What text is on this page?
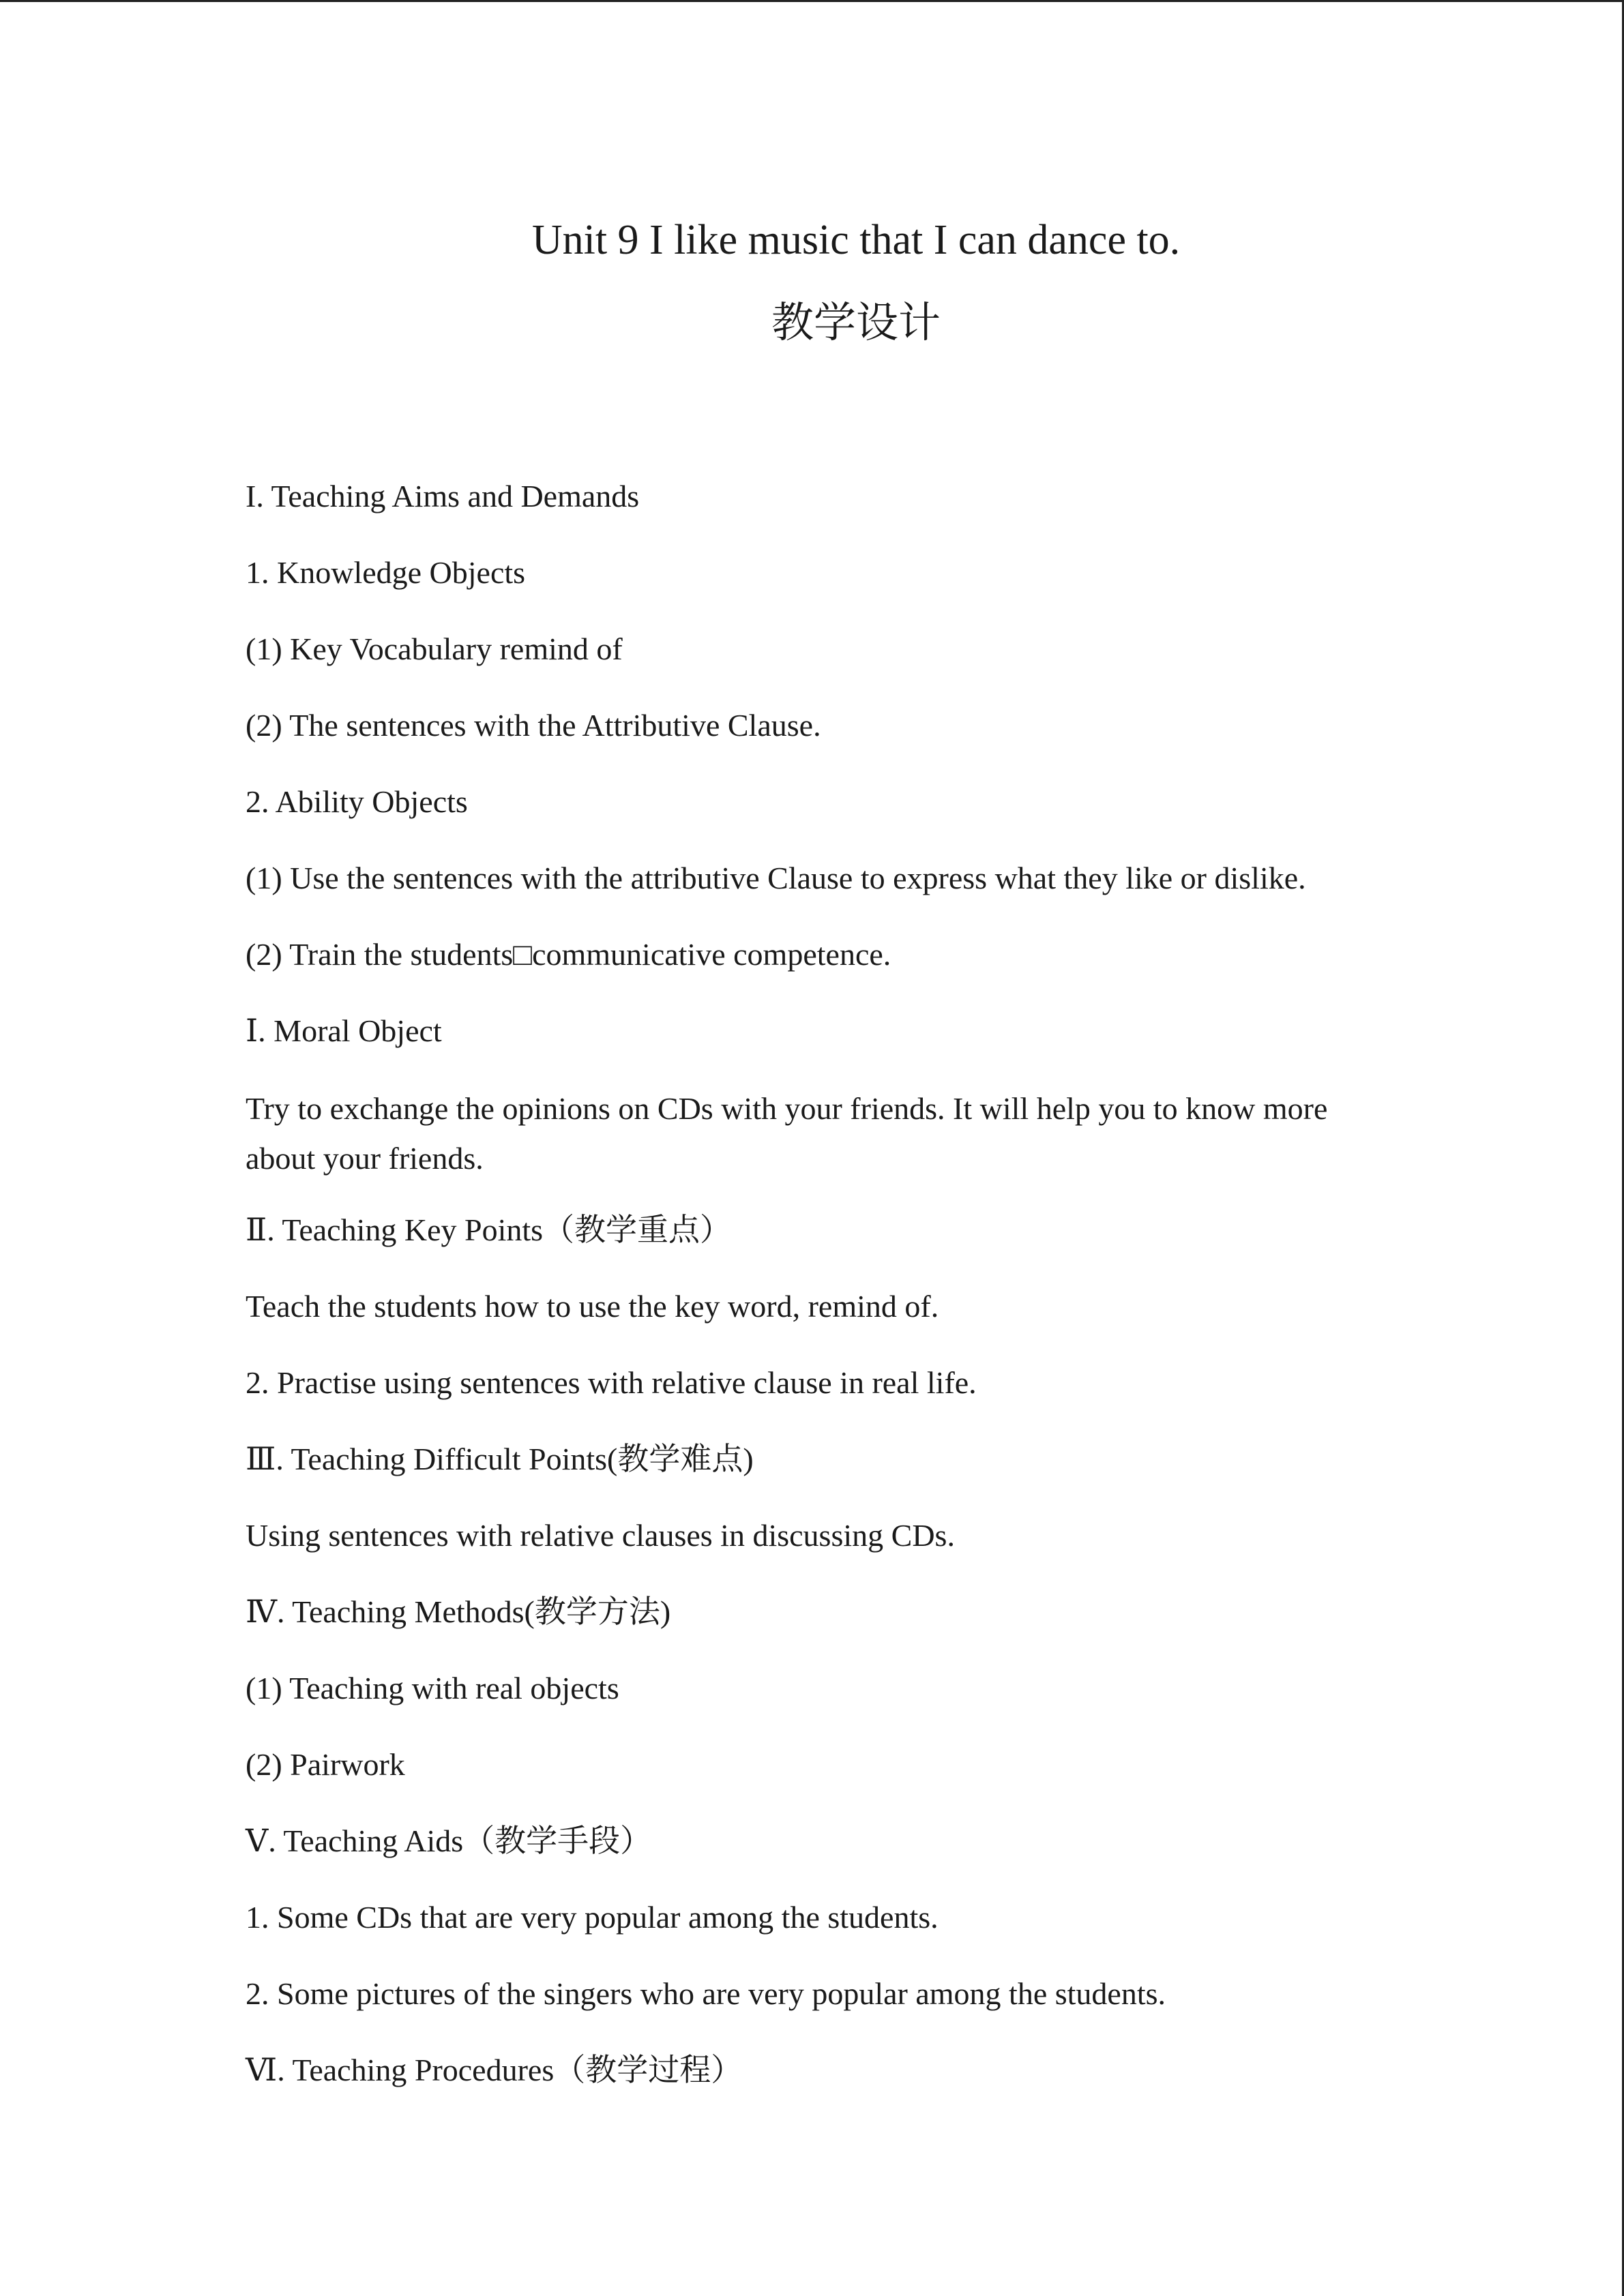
Unit 9 I like music that I can dance to.
教学设计
I. Teaching Aims and Demands
1. Knowledge Objects
(1) Key Vocabulary remind of
(2) The sentences with the Attributive Clause.
2. Ability Objects
(1) Use the sentences with the attributive Clause to express what they like or dislike.
(2) Train the students□communicative competence.
Ⅰ. Moral Object
Try to exchange the opinions on CDs with your friends. It will help you to know more about your friends.
Ⅱ. Teaching Key Points（教学重点）
Teach the students how to use the key word, remind of.
2. Practise using sentences with relative clause in real life.
Ⅲ. Teaching Difficult Points(教学难点)
Using sentences with relative clauses in discussing CDs.
Ⅳ. Teaching Methods(教学方法)
(1) Teaching with real objects
(2) Pairwork
Ⅴ. Teaching Aids（教学手段）
1. Some CDs that are very popular among the students.
2. Some pictures of the singers who are very popular among the students.
Ⅵ. Teaching Procedures（教学过程）
